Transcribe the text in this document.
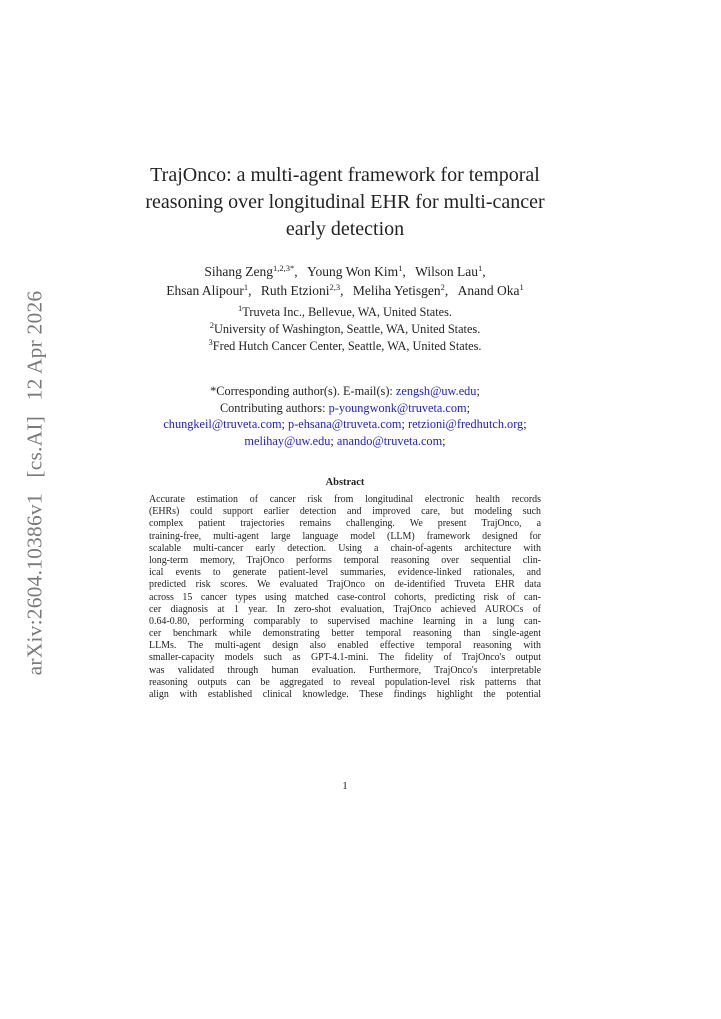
arXiv:2604.10386v1 [cs.AI] 12 Apr 2026
TrajOnco: a multi-agent framework for temporal
reasoning over longitudinal EHR for multi-cancer
early detection
Sihang Zeng$^{1,2,3*}$, Young Won Kim$^1$, Wilson Lau$^1$,
Ehsan Alipour$^1$, Ruth Etzioni$^{2,3}$, Meliha Yetisgen$^2$, Anand Oka$^1$
$^1$Truveta Inc., Bellevue, WA, United States.
$^2$University of Washington, Seattle, WA, United States.
$^3$Fred Hutch Cancer Center, Seattle, WA, United States.
*Corresponding author(s). E-mail(s): zengsh@uw.edu;
Contributing authors: p-youngwonk@truveta.com;
chungkeil@truveta.com; p-ehsana@truveta.com; retzioni@fredhutch.org;
melihay@uw.edu; anando@truveta.com;
Abstract
Accurate estimation of cancer risk from longitudinal electronic health records
(EHRs) could support earlier detection and improved care, but modeling such
complex patient trajectories remains challenging. We present TrajOnco, a
training-free, multi-agent large language model (LLM) framework designed for
scalable multi-cancer early detection. Using a chain-of-agents architecture with
long-term memory, TrajOnco performs temporal reasoning over sequential clin-
ical events to generate patient-level summaries, evidence-linked rationales, and
predicted risk scores. We evaluated TrajOnco on de-identified Truveta EHR data
across 15 cancer types using matched case-control cohorts, predicting risk of can-
cer diagnosis at 1 year. In zero-shot evaluation, TrajOnco achieved AUROCs of
0.64-0.80, performing comparably to supervised machine learning in a lung can-
cer benchmark while demonstrating better temporal reasoning than single-agent
LLMs. The multi-agent design also enabled effective temporal reasoning with
smaller-capacity models such as GPT-4.1-mini. The fidelity of TrajOnco's output
was validated through human evaluation. Furthermore, TrajOnco's interpretable
reasoning outputs can be aggregated to reveal population-level risk patterns that
align with established clinical knowledge. These findings highlight the potential
1
